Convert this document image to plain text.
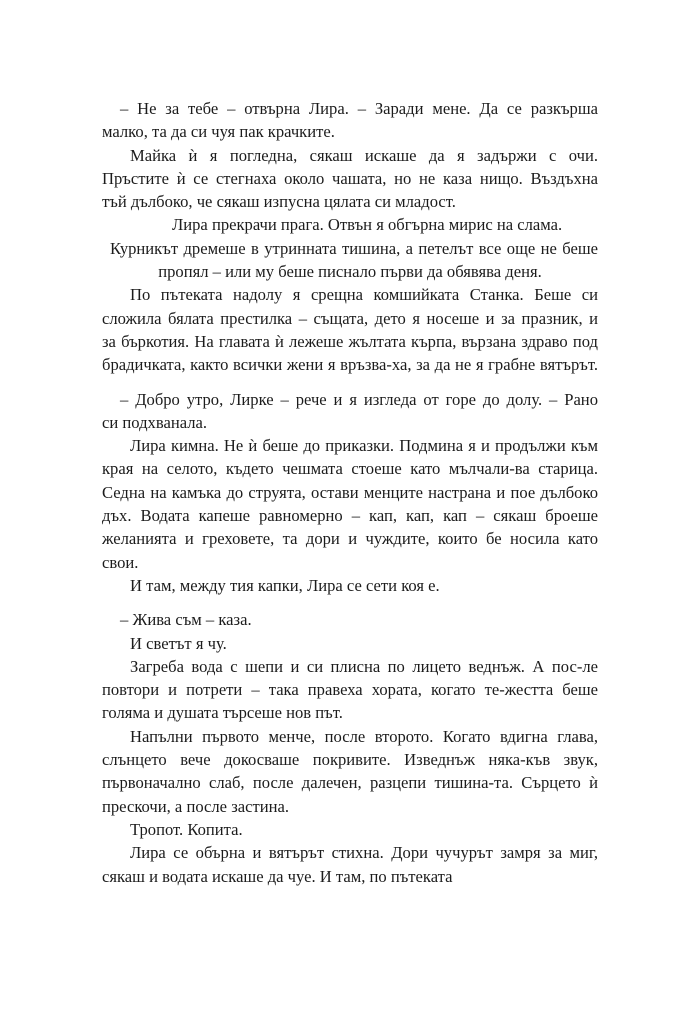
– Не за тебе – отвърна Лира. – Заради мене. Да се разкърша
малко, та да си чуя пак крачките.

Майка ѝ я погледна, сякаш искаше да я задържи с очи.
Пръстите ѝ се стегнаха около чашата, но не каза нищо. Въздъхна
тъй дълбоко, че сякаш изпусна цялата си младост.

Лира прекрачи прага. Отвън я обгърна мирис на слама.
Курникът дремеше в утринната тишина, а петелът все още не беше
пропял – или му беше писнало първи да обявява деня.

По пътеката надолу я срещна комшийката Станка. Беше си
сложила бялата престилка – същата, дето я носеше и за празник, и
за бъркотия. На главата ѝ лежеше жълтата кърпа, вързана здраво под
брадичката, както всички жени я връзва-ха, за да не я грабне вятърът.

– Добро утро, Лирке – рече и я изгледа от горе до долу. – Рано
си подхванала.

Лира кимна. Не ѝ беше до приказки. Подмина я и продължи към
края на селото, където чешмата стоеше като мълчали-ва старица.
Седна на камъка до струята, остави менците настрана и пое дълбоко
дъх. Водата капеше равномерно – кап, кап, кап – сякаш броеше
желанията и греховете, та дори и чуждите, които бе носила като
свои.

И там, между тия капки, Лира се сети коя е.

– Жива съм – каза.

И светът я чу.

Загреба вода с шепи и си плисна по лицето веднъж. А пос-ле
повтори и потрети – така правеха хората, когато те-жестта беше
голяма и душата търсеше нов път.

Напълни първото менче, после второто. Когато вдигна глава,
слънцето вече докосваше покривите. Изведнъж няка-къв звук,
първоначално слаб, после далечен, разцепи тишина-та. Сърцето ѝ
прескочи, а после застина.

Тропот. Копита.

Лира се обърна и вятърът стихна. Дори чучурът замря за миг,
сякаш и водата искаше да чуе. И там, по пътеката
